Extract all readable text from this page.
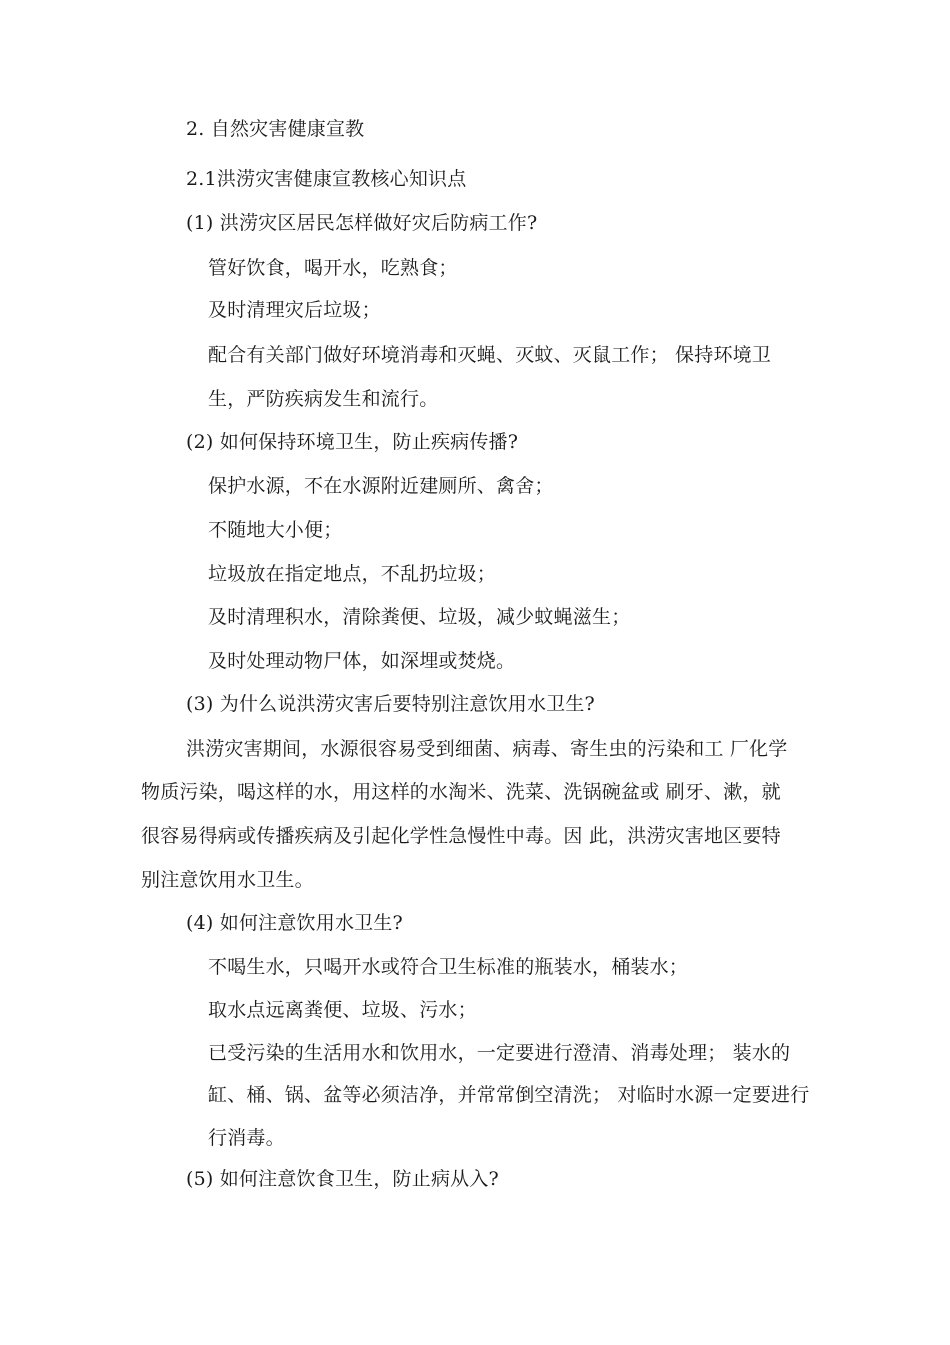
2. 自然灾害健康宣教
2.1洪涝灾害健康宣教核心知识点
(1) 洪涝灾区居民怎样做好灾后防病工作?
管好饮食，喝开水，吃熟食；
及时清理灾后垃圾；
配合有关部门做好环境消毒和灭蝇、灭蚊、灭鼠工作； 保持环境卫
生，严防疾病发生和流行。
(2) 如何保持环境卫生，防止疾病传播?
保护水源，不在水源附近建厕所、禽舍；
不随地大小便；
垃圾放在指定地点，不乱扔垃圾；
及时清理积水，清除粪便、垃圾，减少蚊蝇滋生；
及时处理动物尸体，如深埋或焚烧。
(3) 为什么说洪涝灾害后要特别注意饮用水卫生?
洪涝灾害期间，水源很容易受到细菌、病毒、寄生虫的污染和工 厂化学
物质污染，喝这样的水，用这样的水淘米、洗菜、洗锅碗盆或 刷牙、漱，就
很容易得病或传播疾病及引起化学性急慢性中毒。因 此，洪涝灾害地区要特
别注意饮用水卫生。
(4) 如何注意饮用水卫生?
不喝生水，只喝开水或符合卫生标准的瓶装水，桶装水；
取水点远离粪便、垃圾、污水；
已受污染的生活用水和饮用水，一定要进行澄清、消毒处理； 装水的
缸、桶、锅、盆等必须洁净，并常常倒空清洗； 对临时水源一定要进行
行消毒。
(5) 如何注意饮食卫生，防止病从入?
